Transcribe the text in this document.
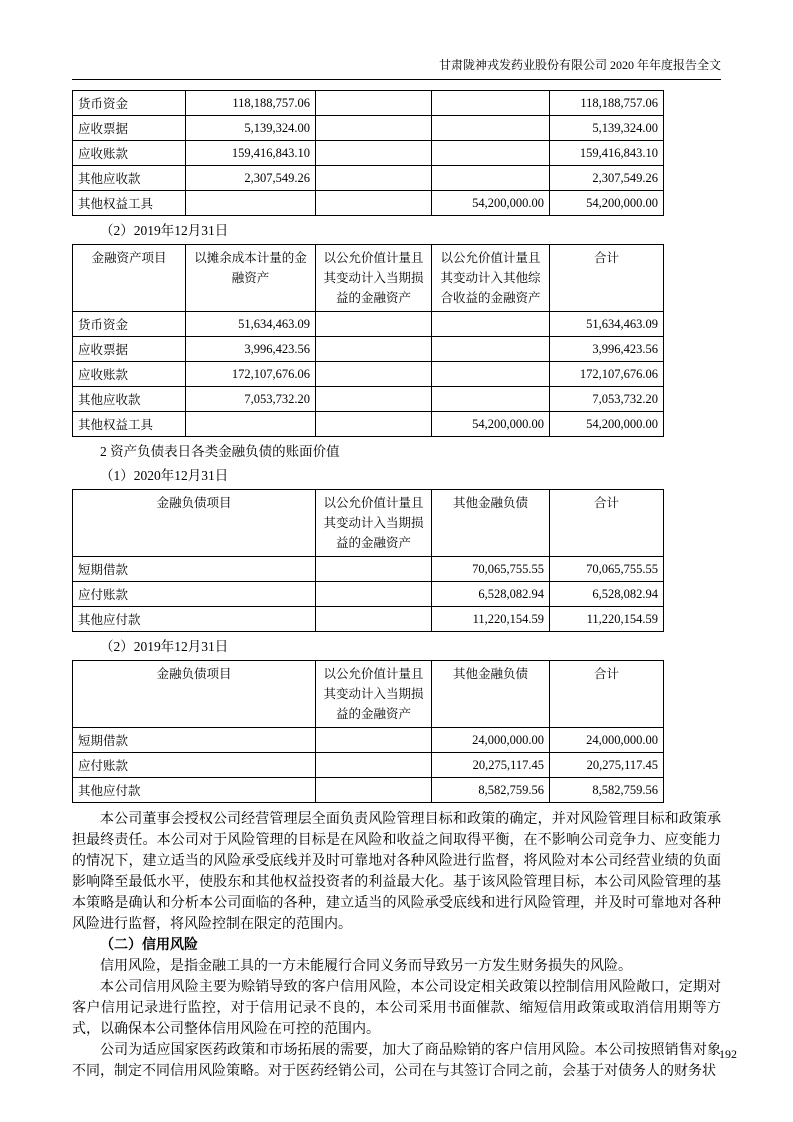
甘肃陇神戎发药业股份有限公司 2020 年年度报告全文
货币资金	118,188,757.06			118,188,757.06
应收票据	5,139,324.00			5,139,324.00
应收账款	159,416,843.10			159,416,843.10
其他应收款	2,307,549.26			2,307,549.26
其他权益工具			54,200,000.00	54,200,000.00

（2）2019年12月31日

金融资产项目	以摊余成本计量的金融资产	以公允价值计量且其变动计入当期损益的金融资产	以公允价值计量且其变动计入其他综合收益的金融资产	合计
货币资金	51,634,463.09			51,634,463.09
应收票据	3,996,423.56			3,996,423.56
应收账款	172,107,676.06			172,107,676.06
其他应收款	7,053,732.20			7,053,732.20
其他权益工具			54,200,000.00	54,200,000.00

2 资产负债表日各类金融负债的账面价值

（1）2020年12月31日

金融负债项目	以公允价值计量且其变动计入当期损益的金融资产	其他金融负债	合计
短期借款		70,065,755.55	70,065,755.55
应付账款		6,528,082.94	6,528,082.94
其他应付款		11,220,154.59	11,220,154.59

（2）2019年12月31日

金融负债项目	以公允价值计量且其变动计入当期损益的金融资产	其他金融负债	合计
短期借款		24,000,000.00	24,000,000.00
应付账款		20,275,117.45	20,275,117.45
其他应付款		8,582,759.56	8,582,759.56

本公司董事会授权公司经营管理层全面负责风险管理目标和政策的确定，并对风险管理目标和政策承担最终责任。本公司对于风险管理的目标是在风险和收益之间取得平衡，在不影响公司竞争力、应变能力的情况下，建立适当的风险承受底线并及时可靠地对各种风险进行监督，将风险对本公司经营业绩的负面影响降至最低水平，使股东和其他权益投资者的利益最大化。基于该风险管理目标，本公司风险管理的基本策略是确认和分析本公司面临的各种，建立适当的风险承受底线和进行风险管理，并及时可靠地对各种风险进行监督，将风险控制在限定的范围内。

（二）信用风险

信用风险，是指金融工具的一方未能履行合同义务而导致另一方发生财务损失的风险。

本公司信用风险主要为赊销导致的客户信用风险，本公司设定相关政策以控制信用风险敞口，定期对客户信用记录进行监控，对于信用记录不良的，本公司采用书面催款、缩短信用政策或取消信用期等方式，以确保本公司整体信用风险在可控的范围内。

公司为适应国家医药政策和市场拓展的需要，加大了商品赊销的客户信用风险。本公司按照销售对象不同，制定不同信用风险策略。对于医药经销公司，公司在与其签订合同之前，会基于对债务人的财务状

192
